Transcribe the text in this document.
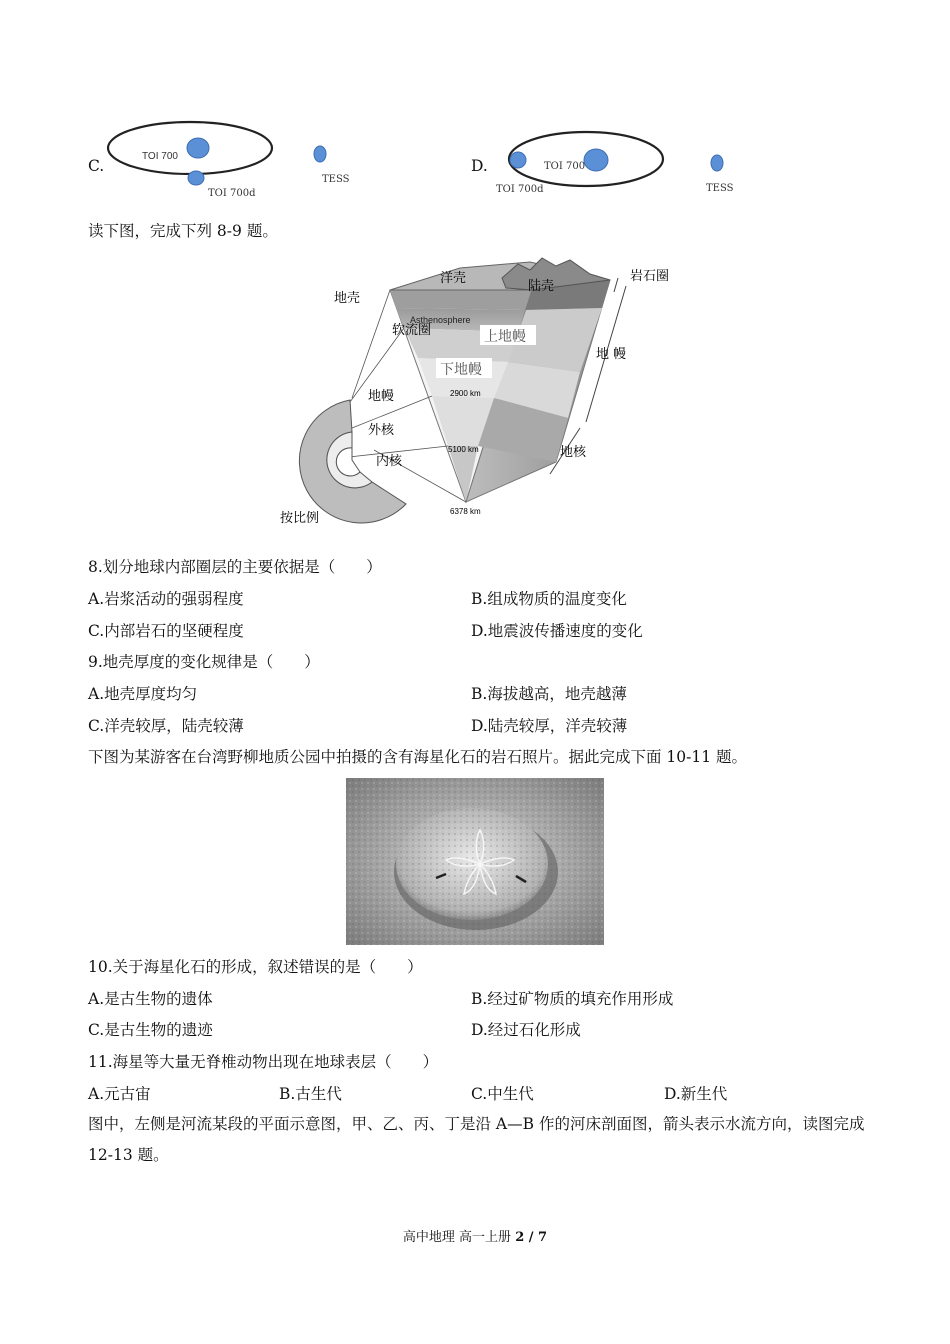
C.
TOI 700
TOI 700d
TESS
D.	TOI 700
TOI 700d	TESS
读下图，完成下列 8-9 题。
洋壳
陆壳
岩石圈
地壳
Asthenosphere
软流圈	上地幔
下地幔
地 幔
地幔	2900 km
外核
5100 km	地核
内核
6378 km
按比例
8.划分地球内部圈层的主要依据是（　　）
A.岩浆活动的强弱程度	B.组成物质的温度变化
C.内部岩石的坚硬程度	D.地震波传播速度的变化
9.地壳厚度的变化规律是（　　）
A.地壳厚度均匀	B.海拔越高，地壳越薄
C.洋壳较厚，陆壳较薄	D.陆壳较厚，洋壳较薄
下图为某游客在台湾野柳地质公园中拍摄的含有海星化石的岩石照片。据此完成下面 10-11 题。
10.关于海星化石的形成，叙述错误的是（　　）
A.是古生物的遗体	B.经过矿物质的填充作用形成
C.是古生物的遗迹	D.经过石化形成
11.海星等大量无脊椎动物出现在地球表层（　　）
A.元古宙	B.古生代	C.中生代	D.新生代
图中，左侧是河流某段的平面示意图，甲、乙、丙、丁是沿 A—B 作的河床剖面图，箭头表示水流方向，读图完成 12-13 题。
高中地理 高一上册 2 / 7
